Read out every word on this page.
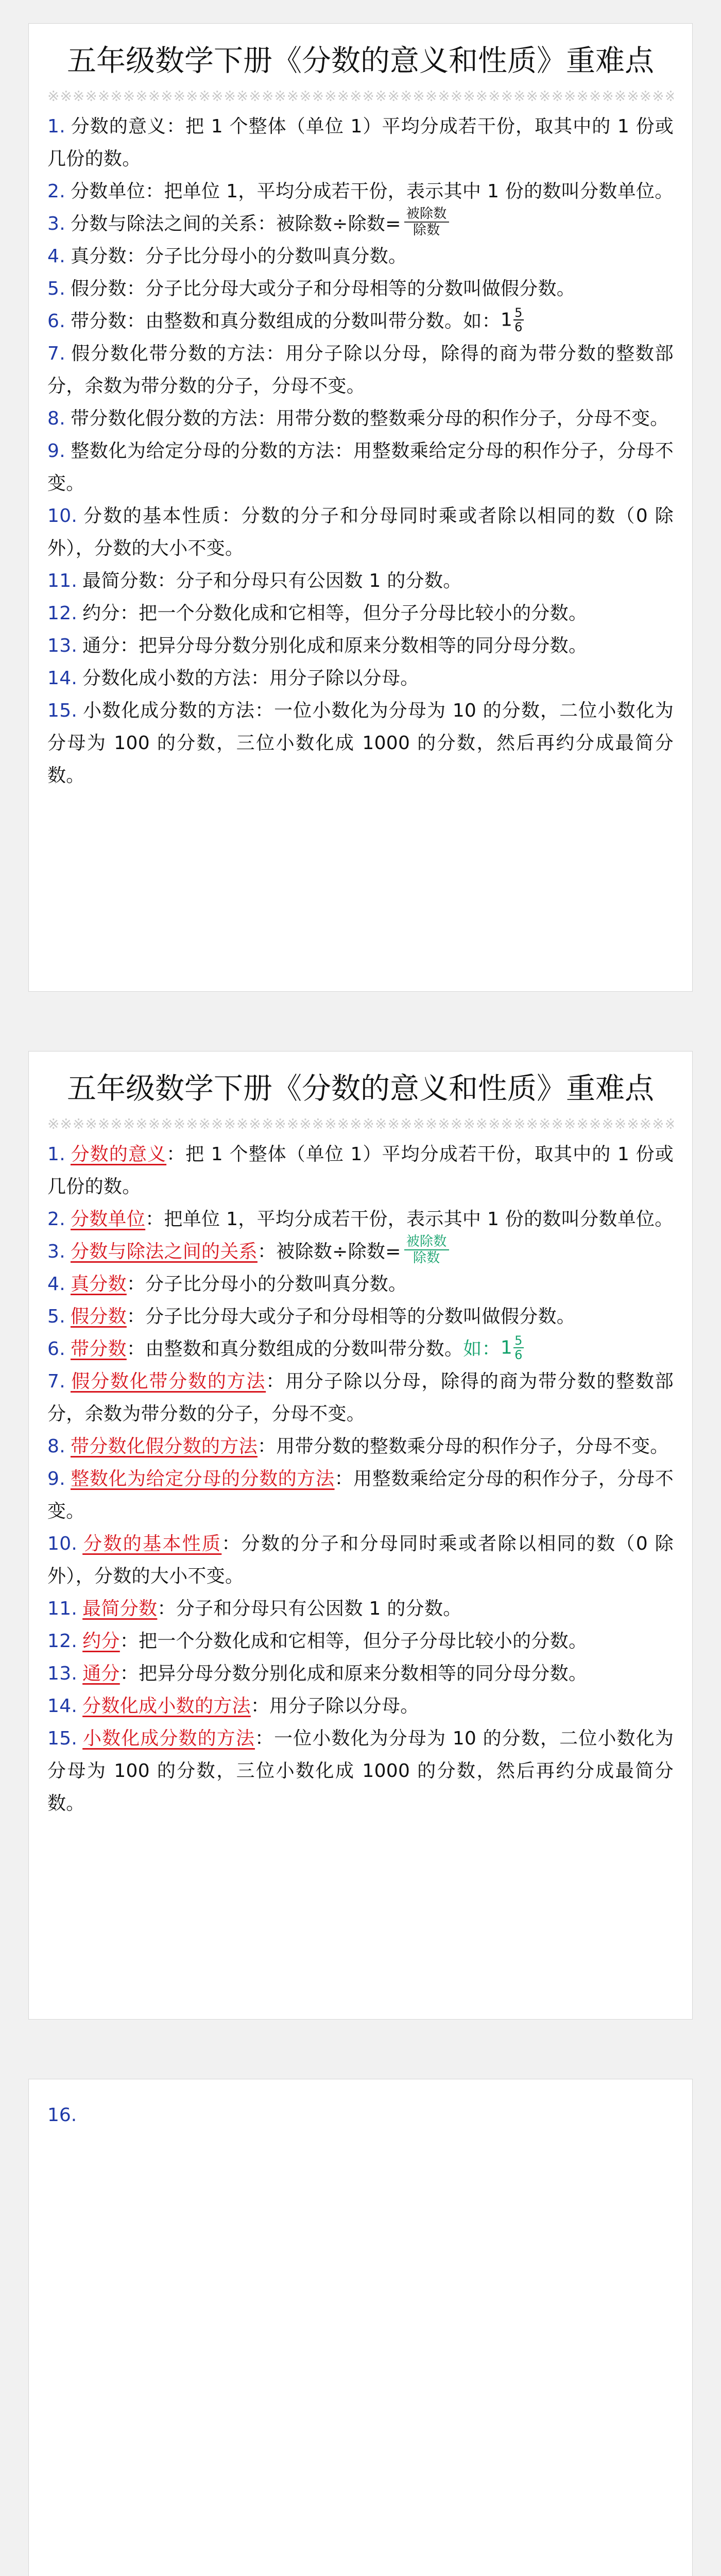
五年级数学下册《分数的意义和性质》重难点
※※※※※※※※※※※※※※※※※※※※※※※※※※※※※※※※※※※※※※※※※※※※※※※※※※※※※※
1. 分数的意义：把 1 个整体（单位 1）平均分成若干份，取其中的 1 份或几份的数。
2. 分数单位：把单位 1，平均分成若干份，表示其中 1 份的数叫分数单位。
3. 分数与除法之间的关系：被除数÷除数= $\frac{\text{被除数}}{\text{除数}}$
4. 真分数：分子比分母小的分数叫真分数。
5. 假分数：分子比分母大或分子和分母相等的分数叫做假分数。
6. 带分数：由整数和真分数组成的分数叫带分数。如：$1 \frac{5}{6}$
7. 假分数化带分数的方法：用分子除以分母，除得的商为带分数的整数部分，余数为带分数的分子，分母不变。
8. 带分数化假分数的方法：用带分数的整数乘分母的积作分子，分母不变。
9. 整数化为给定分母的分数的方法：用整数乘给定分母的积作分子，分母不变。
10. 分数的基本性质：分数的分子和分母同时乘或者除以相同的数（0 除外），分数的大小不变。
11. 最简分数：分子和分母只有公因数 1 的分数。
12. 约分：把一个分数化成和它相等，但分子分母比较小的分数。
13. 通分：把异分母分数分别化成和原来分数相等的同分母分数。
14. 分数化成小数的方法：用分子除以分母。
15. 小数化成分数的方法：一位小数化为分母为 10 的分数，二位小数化为分母为 100 的分数，三位小数化成 1000 的分数，然后再约分成最简分数。
五年级数学下册《分数的意义和性质》重难点
※※※※※※※※※※※※※※※※※※※※※※※※※※※※※※※※※※※※※※※※※※※※※※※※※※※※※※
1. 分数的意义：把 1 个整体（单位 1）平均分成若干份，取其中的 1 份或几份的数。
2. 分数单位：把单位 1，平均分成若干份，表示其中 1 份的数叫分数单位。
3. 分数与除法之间的关系：被除数÷除数= $\frac{\text{被除数}}{\text{除数}}$
4. 真分数：分子比分母小的分数叫真分数。
5. 假分数：分子比分母大或分子和分母相等的分数叫做假分数。
6. 带分数：由整数和真分数组成的分数叫带分数。如：$1 \frac{5}{6}$
7. 假分数化带分数的方法：用分子除以分母，除得的商为带分数的整数部分，余数为带分数的分子，分母不变。
8. 带分数化假分数的方法：用带分数的整数乘分母的积作分子，分母不变。
9. 整数化为给定分母的分数的方法：用整数乘给定分母的积作分子，分母不变。
10. 分数的基本性质：分数的分子和分母同时乘或者除以相同的数（0 除外），分数的大小不变。
11. 最简分数：分子和分母只有公因数 1 的分数。
12. 约分：把一个分数化成和它相等，但分子分母比较小的分数。
13. 通分：把异分母分数分别化成和原来分数相等的同分母分数。
14. 分数化成小数的方法：用分子除以分母。
15. 小数化成分数的方法：一位小数化为分母为 10 的分数，二位小数化为分母为 100 的分数，三位小数化成 1000 的分数，然后再约分成最简分数。
16.
